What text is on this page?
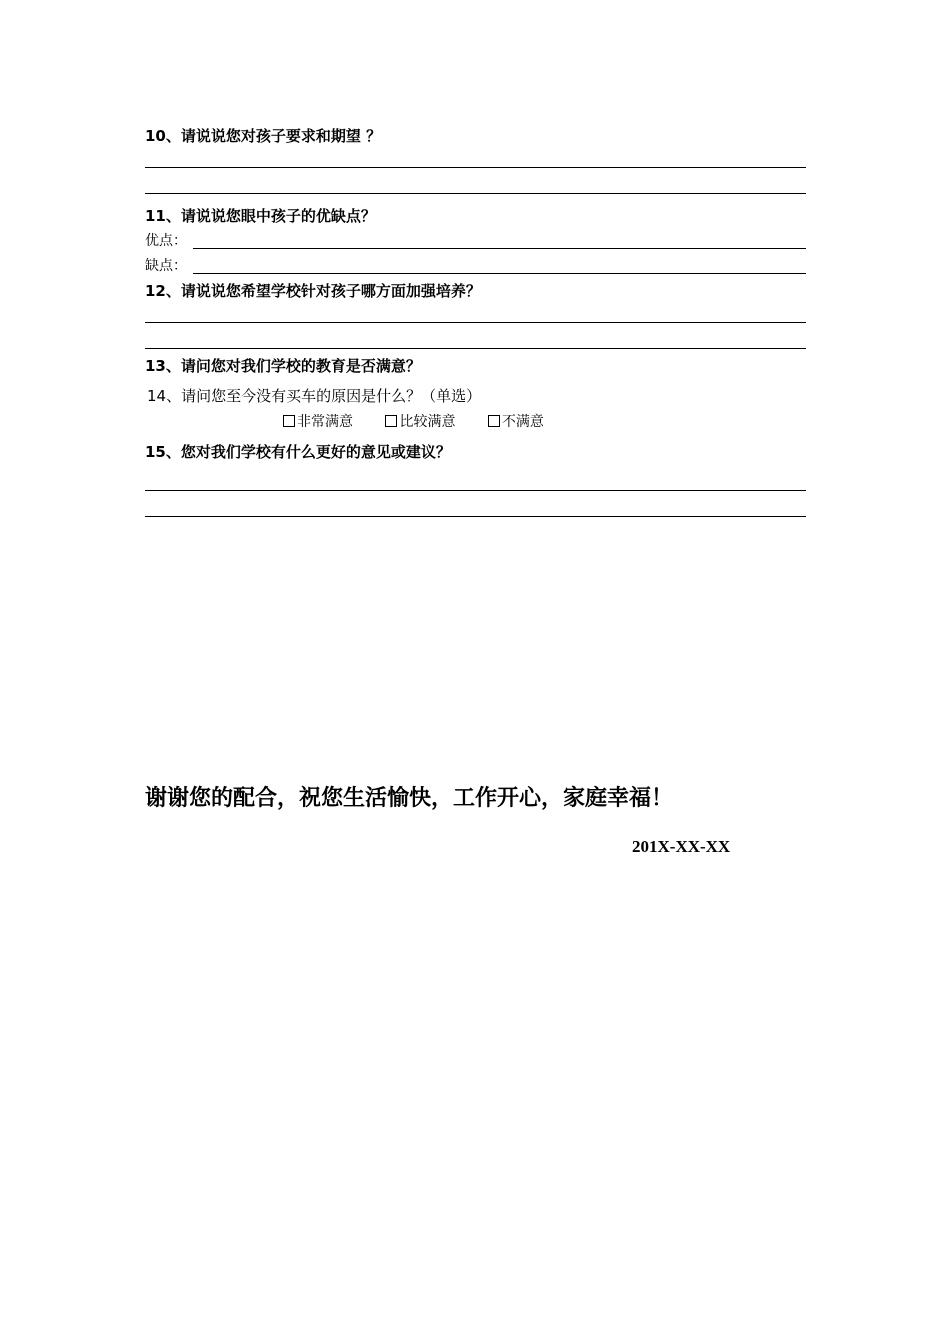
10、请说说您对孩子要求和期望 ？
11、请说说您眼中孩子的优缺点？
优点：
缺点：
12、请说说您希望学校针对孩子哪方面加强培养？
13、请问您对我们学校的教育是否满意？
14、请问您至今没有买车的原因是什么？（单选）
非常满意	比较满意	不满意
15、您对我们学校有什么更好的意见或建议？
谢谢您的配合，祝您生活愉快，工作开心，家庭幸福！
201X-XX-XX
